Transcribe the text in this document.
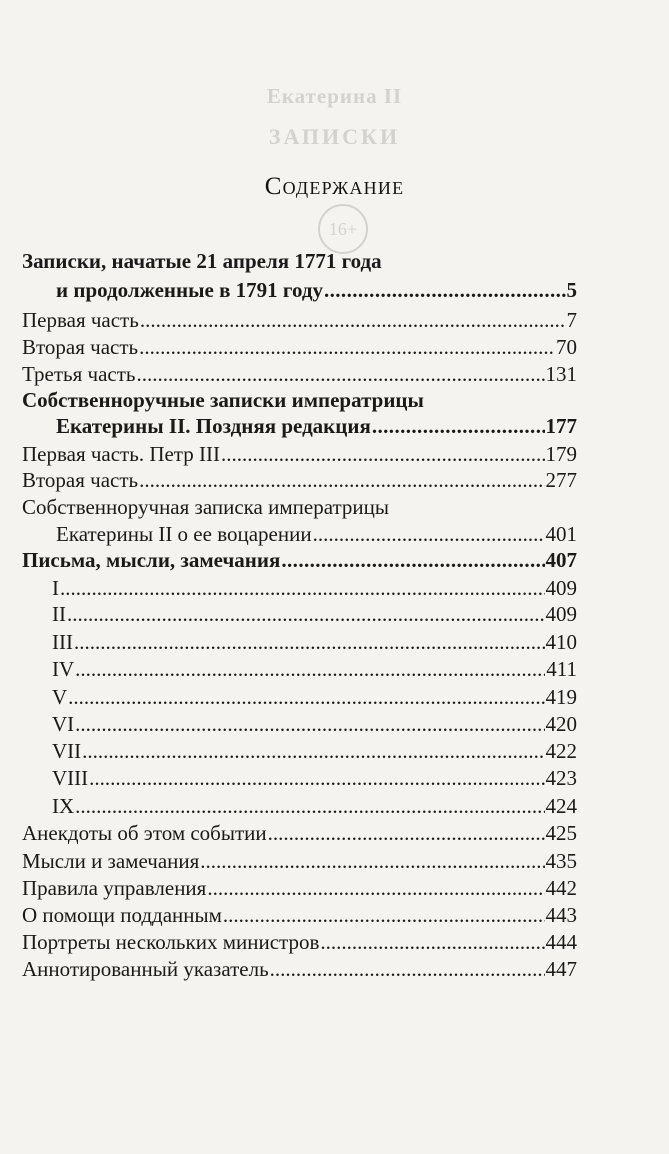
Екатерина II
ЗАПИСКИ
16+
Содержание
Записки, начатые 21 апреля 1771 года
и продолженные в 1791 году .....	5
Первая часть .....	7
Вторая часть .....	70
Третья часть .....	131
Собственноручные записки императрицы
Екатерины II. Поздняя редакция .....	177
Первая часть. Петр III .....	179
Вторая часть .....	277
Собственноручная записка императрицы
Екатерины II о ее воцарении .....	401
Письма, мысли, замечания .....	407
I .....	409
II .....	409
III .....	410
IV .....	411
V .....	419
VI .....	420
VII .....	422
VIII .....	423
IX .....	424
Анекдоты об этом событии .....	425
Мысли и замечания .....	435
Правила управления .....	442
О помощи подданным .....	443
Портреты нескольких министров .....	444
Аннотированный указатель .....	447
